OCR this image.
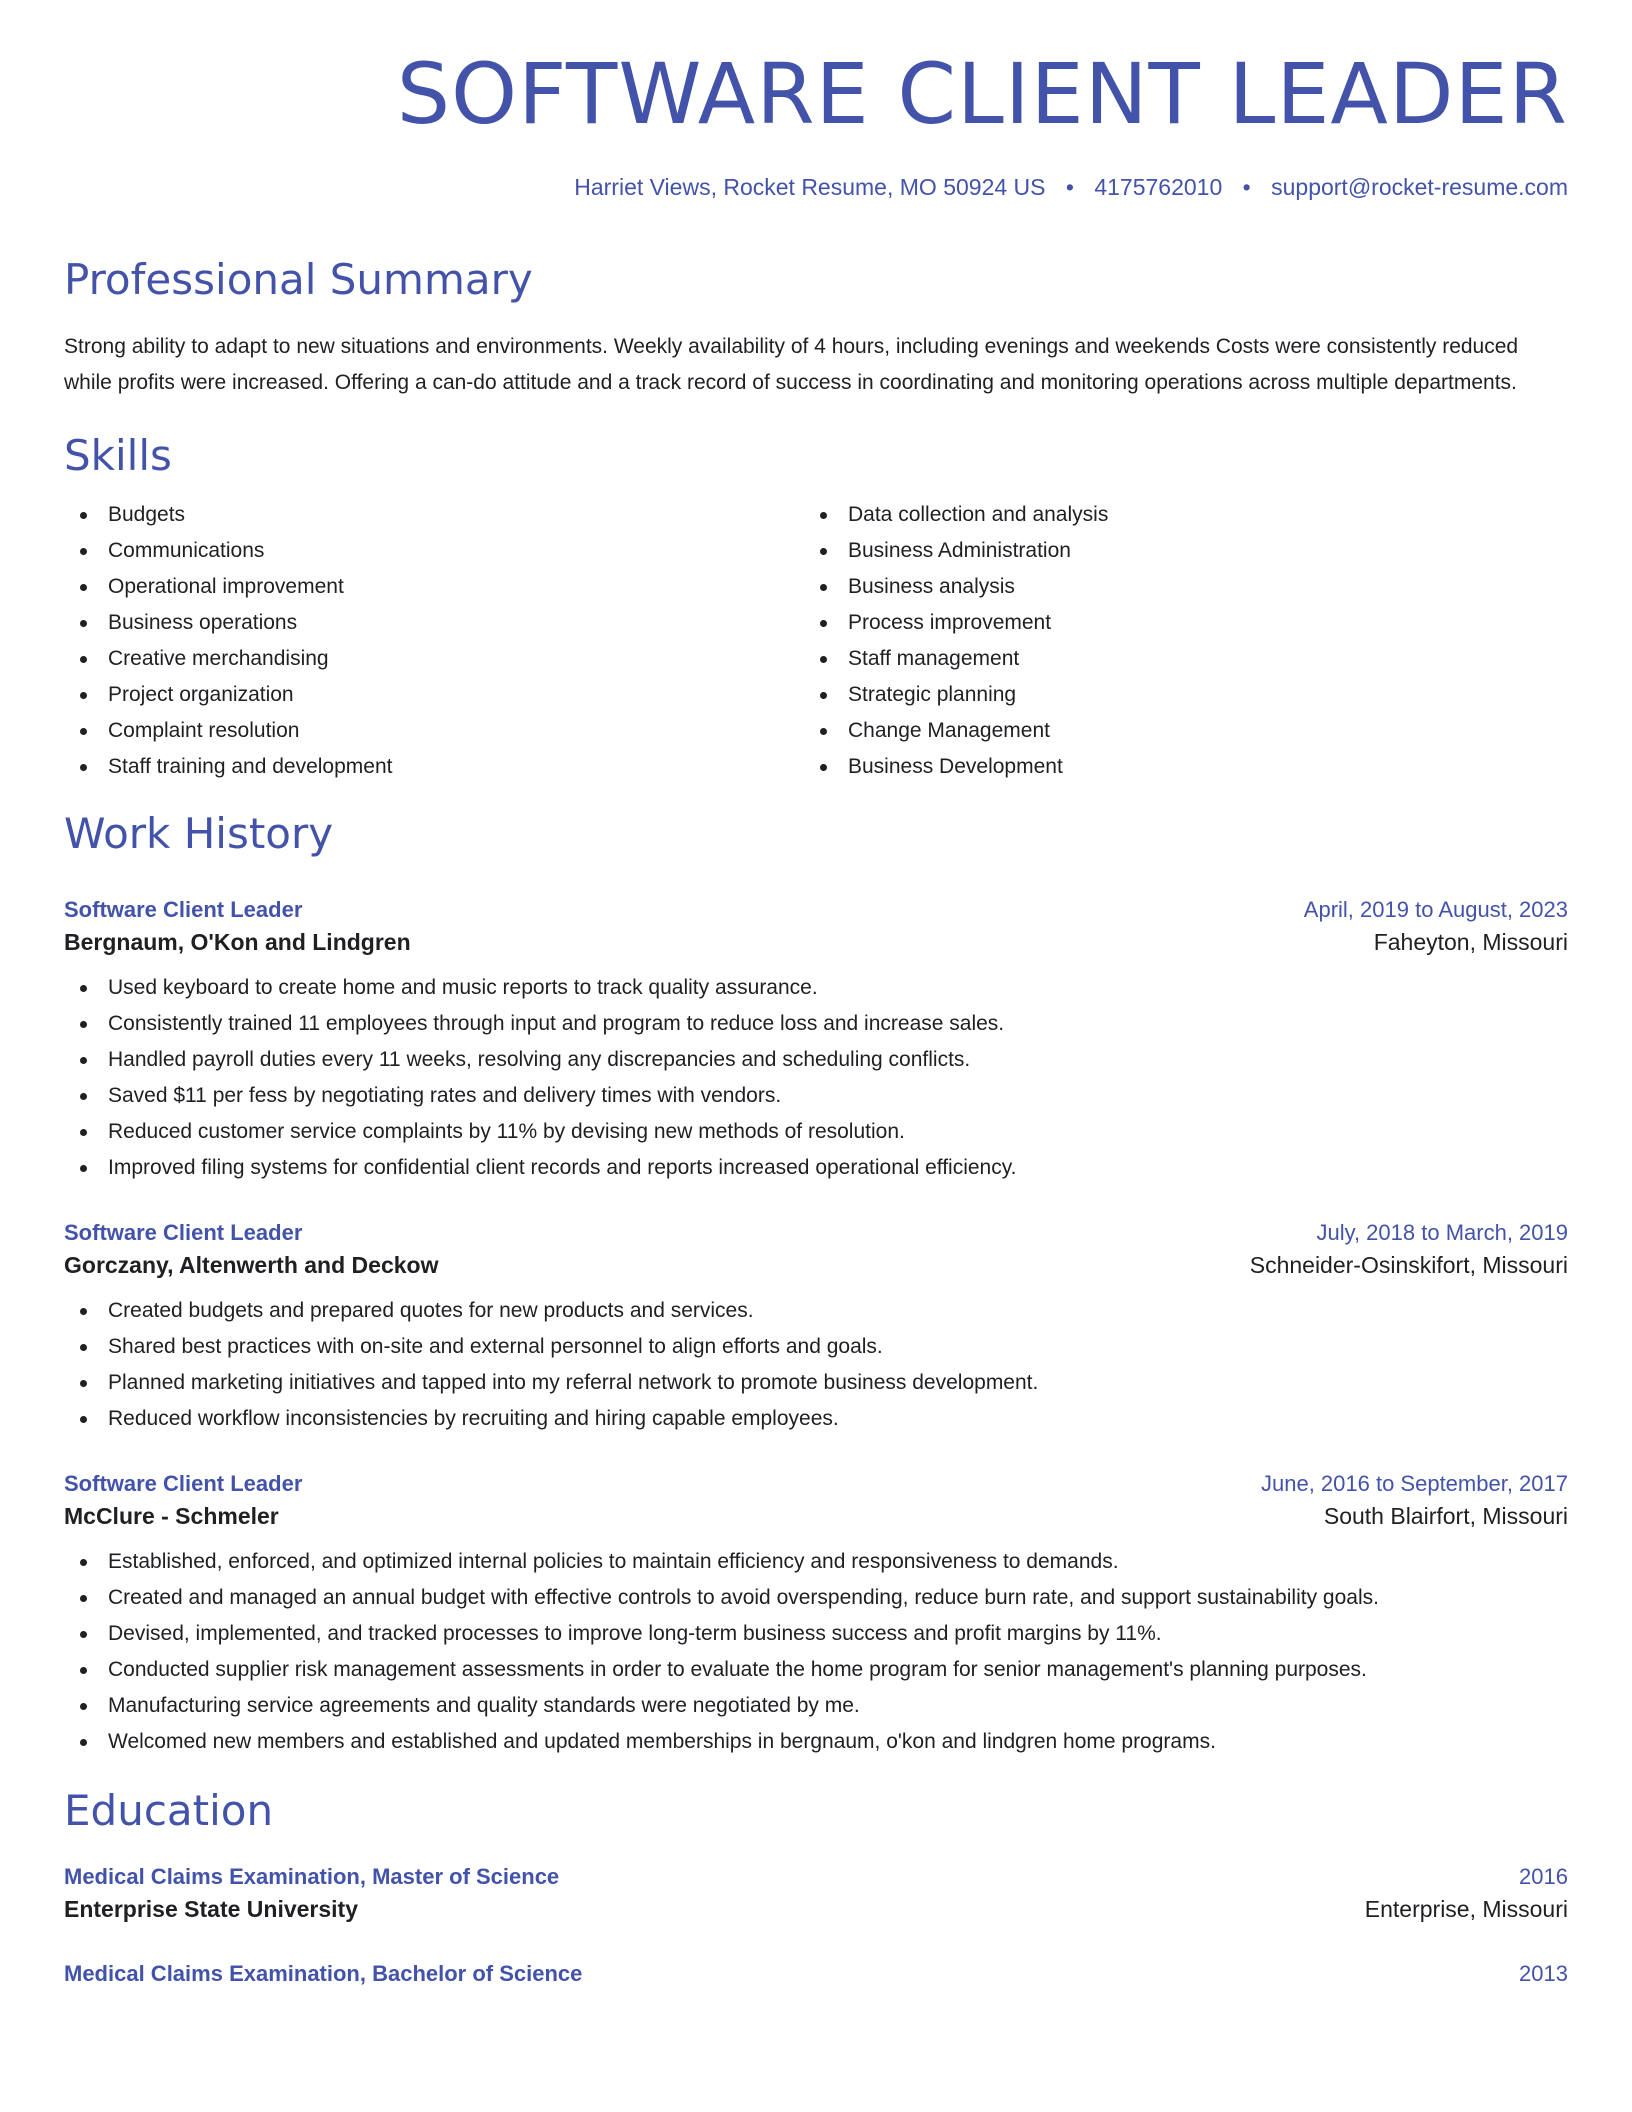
SOFTWARE CLIENT LEADER
Harriet Views, Rocket Resume, MO 50924 US • 4175762010 • support@rocket-resume.com
Professional Summary

Strong ability to adapt to new situations and environments. Weekly availability of 4 hours, including evenings and weekends Costs were consistently reduced while profits were increased. Offering a can-do attitude and a track record of success in coordinating and monitoring operations across multiple departments.

Skills
Budgets
Communications
Operational improvement
Business operations
Creative merchandising
Project organization
Complaint resolution
Staff training and development
Data collection and analysis
Business Administration
Business analysis
Process improvement
Staff management
Strategic planning
Change Management
Business Development
Work History
Software Client Leader	April, 2019 to August, 2023
Bergnaum, O'Kon and Lindgren	Faheyton, Missouri
Used keyboard to create home and music reports to track quality assurance.
Consistently trained 11 employees through input and program to reduce loss and increase sales.
Handled payroll duties every 11 weeks, resolving any discrepancies and scheduling conflicts.
Saved $11 per fess by negotiating rates and delivery times with vendors.
Reduced customer service complaints by 11% by devising new methods of resolution.
Improved filing systems for confidential client records and reports increased operational efficiency.
Software Client Leader	July, 2018 to March, 2019
Gorczany, Altenwerth and Deckow	Schneider-Osinskifort, Missouri
Created budgets and prepared quotes for new products and services.
Shared best practices with on-site and external personnel to align efforts and goals.
Planned marketing initiatives and tapped into my referral network to promote business development.
Reduced workflow inconsistencies by recruiting and hiring capable employees.
Software Client Leader	June, 2016 to September, 2017
McClure - Schmeler	South Blairfort, Missouri
Established, enforced, and optimized internal policies to maintain efficiency and responsiveness to demands.
Created and managed an annual budget with effective controls to avoid overspending, reduce burn rate, and support sustainability goals.
Devised, implemented, and tracked processes to improve long-term business success and profit margins by 11%.
Conducted supplier risk management assessments in order to evaluate the home program for senior management's planning purposes.
Manufacturing service agreements and quality standards were negotiated by me.
Welcomed new members and established and updated memberships in bergnaum, o'kon and lindgren home programs.
Education
Medical Claims Examination, Master of Science	2016
Enterprise State University	Enterprise, Missouri
Medical Claims Examination, Bachelor of Science	2013
